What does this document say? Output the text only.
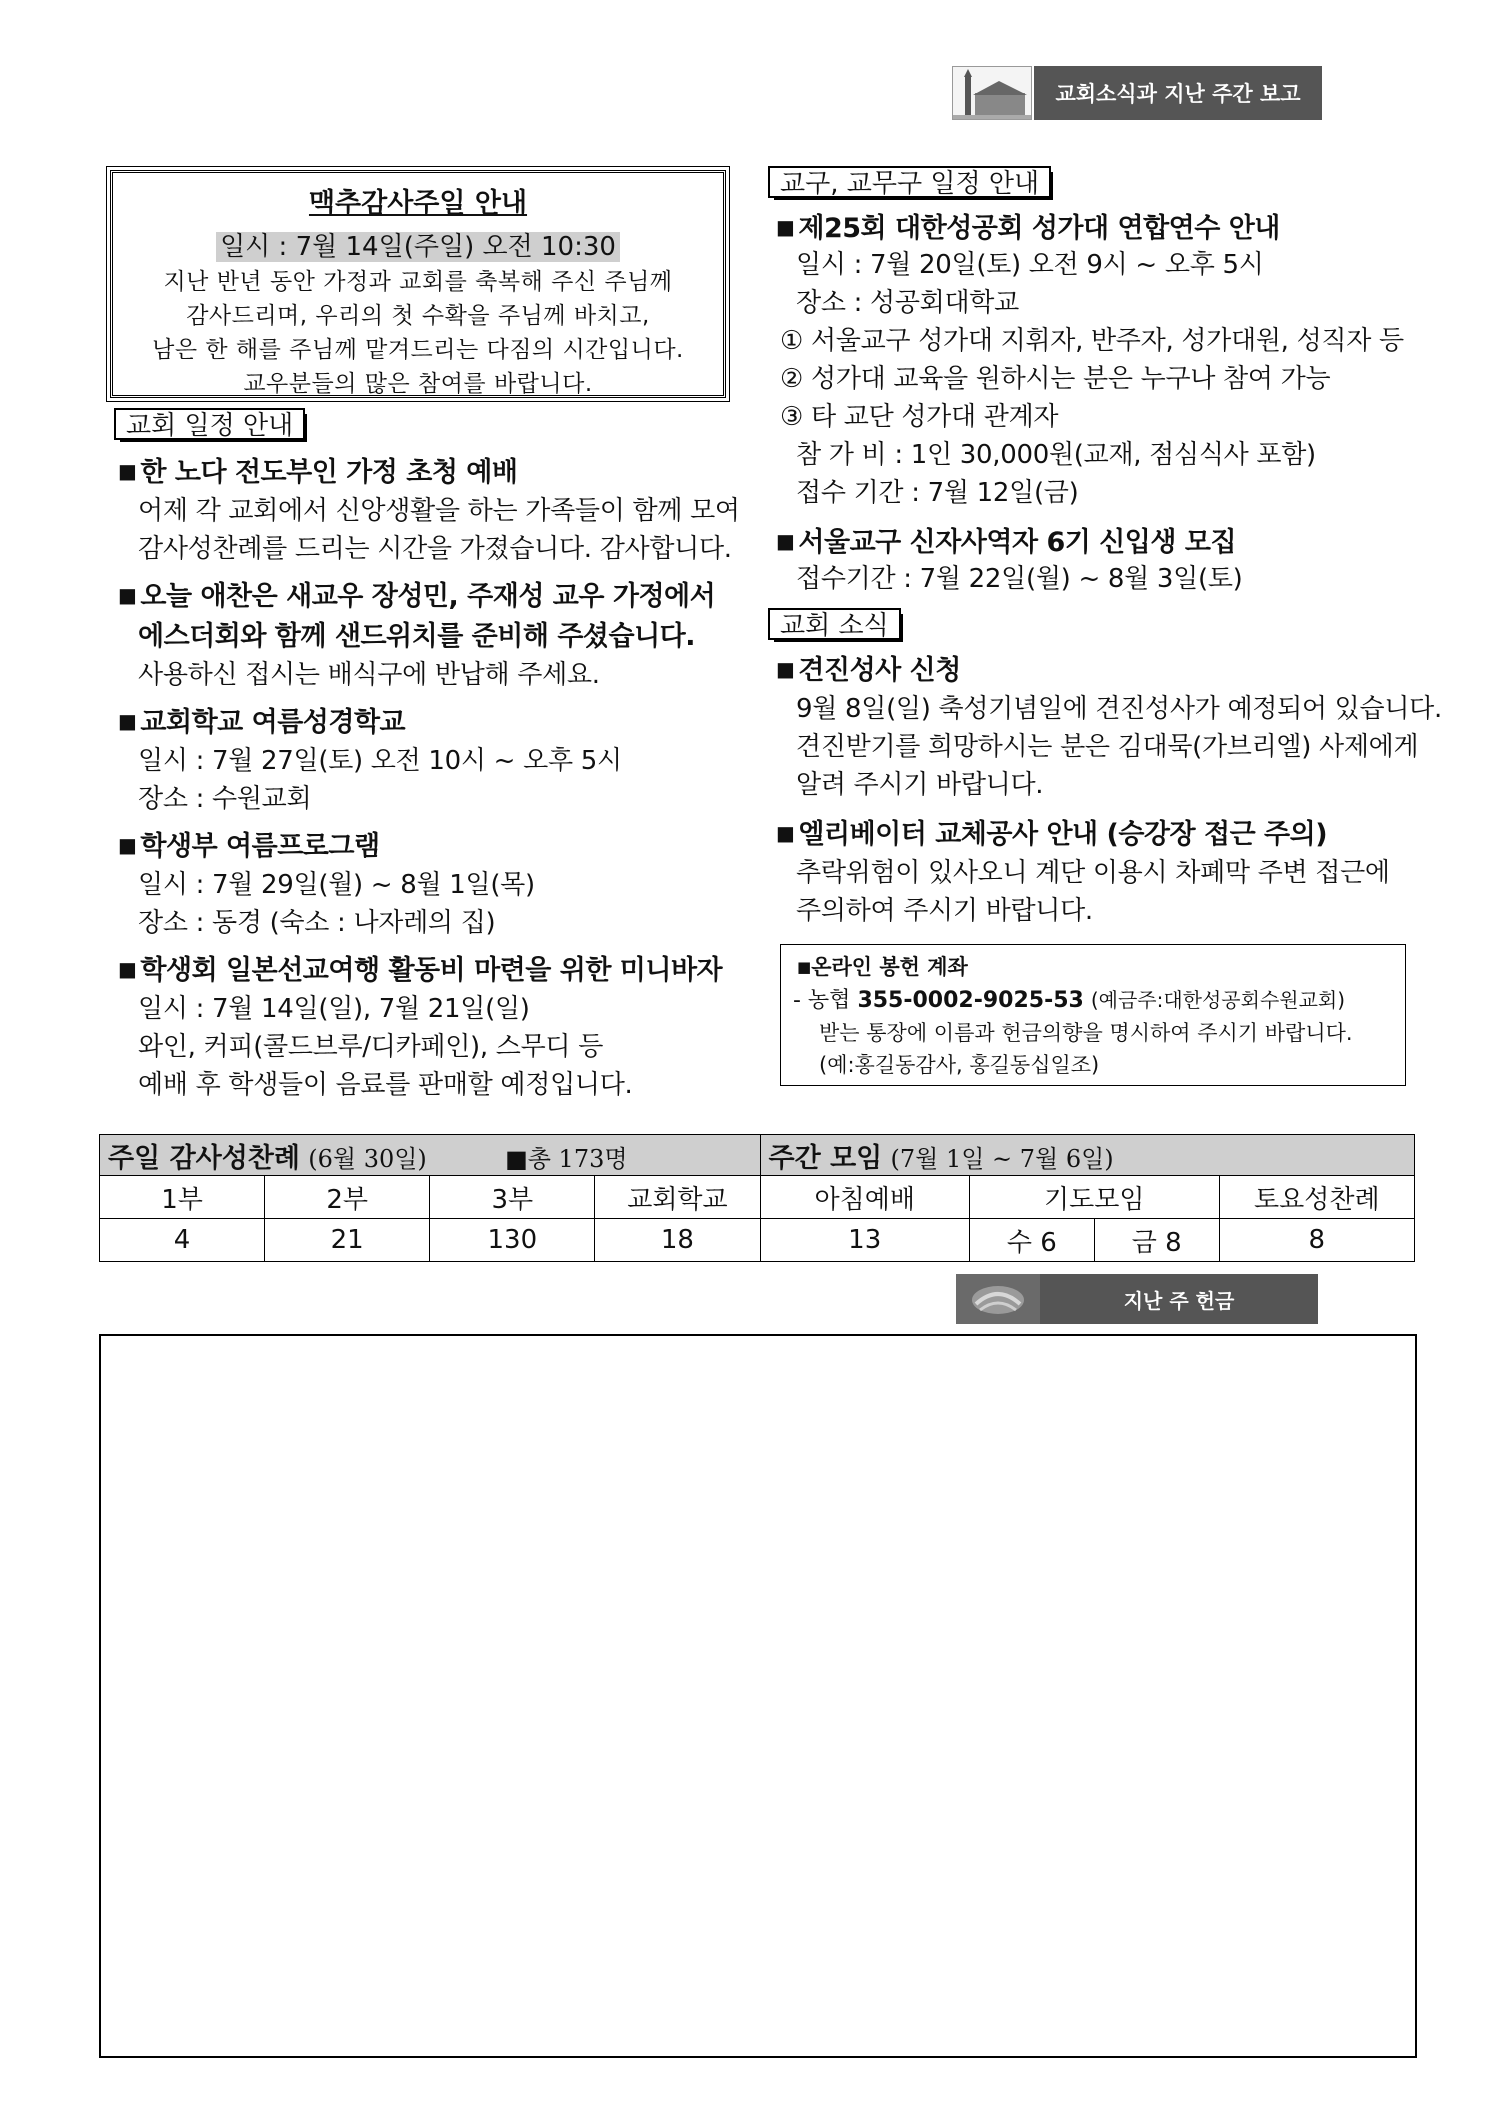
교회소식과 지난 주간 보고
맥추감사주일 안내
일시 : 7월 14일(주일) 오전 10:30
지난 반년 동안 가정과 교회를 축복해 주신 주님께
감사드리며, 우리의 첫 수확을 주님께 바치고,
남은 한 해를 주님께 맡겨드리는 다짐의 시간입니다.
교우분들의 많은 참여를 바랍니다.
교회 일정 안내
■ 한 노다 전도부인 가정 초청 예배
어제 각 교회에서 신앙생활을 하는 가족들이 함께 모여
감사성찬례를 드리는 시간을 가졌습니다. 감사합니다.
■ 오늘 애찬은 새교우 장성민, 주재성 교우 가정에서
에스더회와 함께 샌드위치를 준비해 주셨습니다.
사용하신 접시는 배식구에 반납해 주세요.
■ 교회학교 여름성경학교
일시 : 7월 27일(토) 오전 10시 ~ 오후 5시
장소 : 수원교회
■ 학생부 여름프로그램
일시 : 7월 29일(월) ~ 8월 1일(목)
장소 : 동경 (숙소 : 나자레의 집)
■ 학생회 일본선교여행 활동비 마련을 위한 미니바자
일시 : 7월 14일(일), 7월 21일(일)
와인, 커피(콜드브루/디카페인), 스무디 등
예배 후 학생들이 음료를 판매할 예정입니다.
교구, 교무구 일정 안내
■ 제25회 대한성공회 성가대 연합연수 안내
일시 : 7월 20일(토) 오전 9시 ~ 오후 5시
장소 : 성공회대학교
① 서울교구 성가대 지휘자, 반주자, 성가대원, 성직자 등
② 성가대 교육을 원하시는 분은 누구나 참여 가능
③ 타 교단 성가대 관계자
참 가 비 : 1인 30,000원(교재, 점심식사 포함)
접수 기간 : 7월 12일(금)
■ 서울교구 신자사역자 6기 신입생 모집
접수기간 : 7월 22일(월) ~ 8월 3일(토)
교회 소식
■ 견진성사 신청
9월 8일(일) 축성기념일에 견진성사가 예정되어 있습니다.
견진받기를 희망하시는 분은 김대묵(가브리엘) 사제에게
알려 주시기 바랍니다.
■ 엘리베이터 교체공사 안내 (승강장 접근 주의)
추락위험이 있사오니 계단 이용시 차폐막 주변 접근에
주의하여 주시기 바랍니다.
■온라인 봉헌 계좌
- 농협 355-0002-9025-53 (예금주:대한성공회수원교회)
받는 통장에 이름과 헌금의향을 명시하여 주시기 바랍니다.
(예:홍길동감사, 홍길동십일조)
주일 감사성찬례 (6월 30일) ■총 173명				주간 모임 (7월 1일 ~ 7월 6일)			
1부	2부	3부	교회학교	아침예배	기도모임		토요성찬례
4	21	130	18	13	수 6	금 8	8
지난 주 헌금
